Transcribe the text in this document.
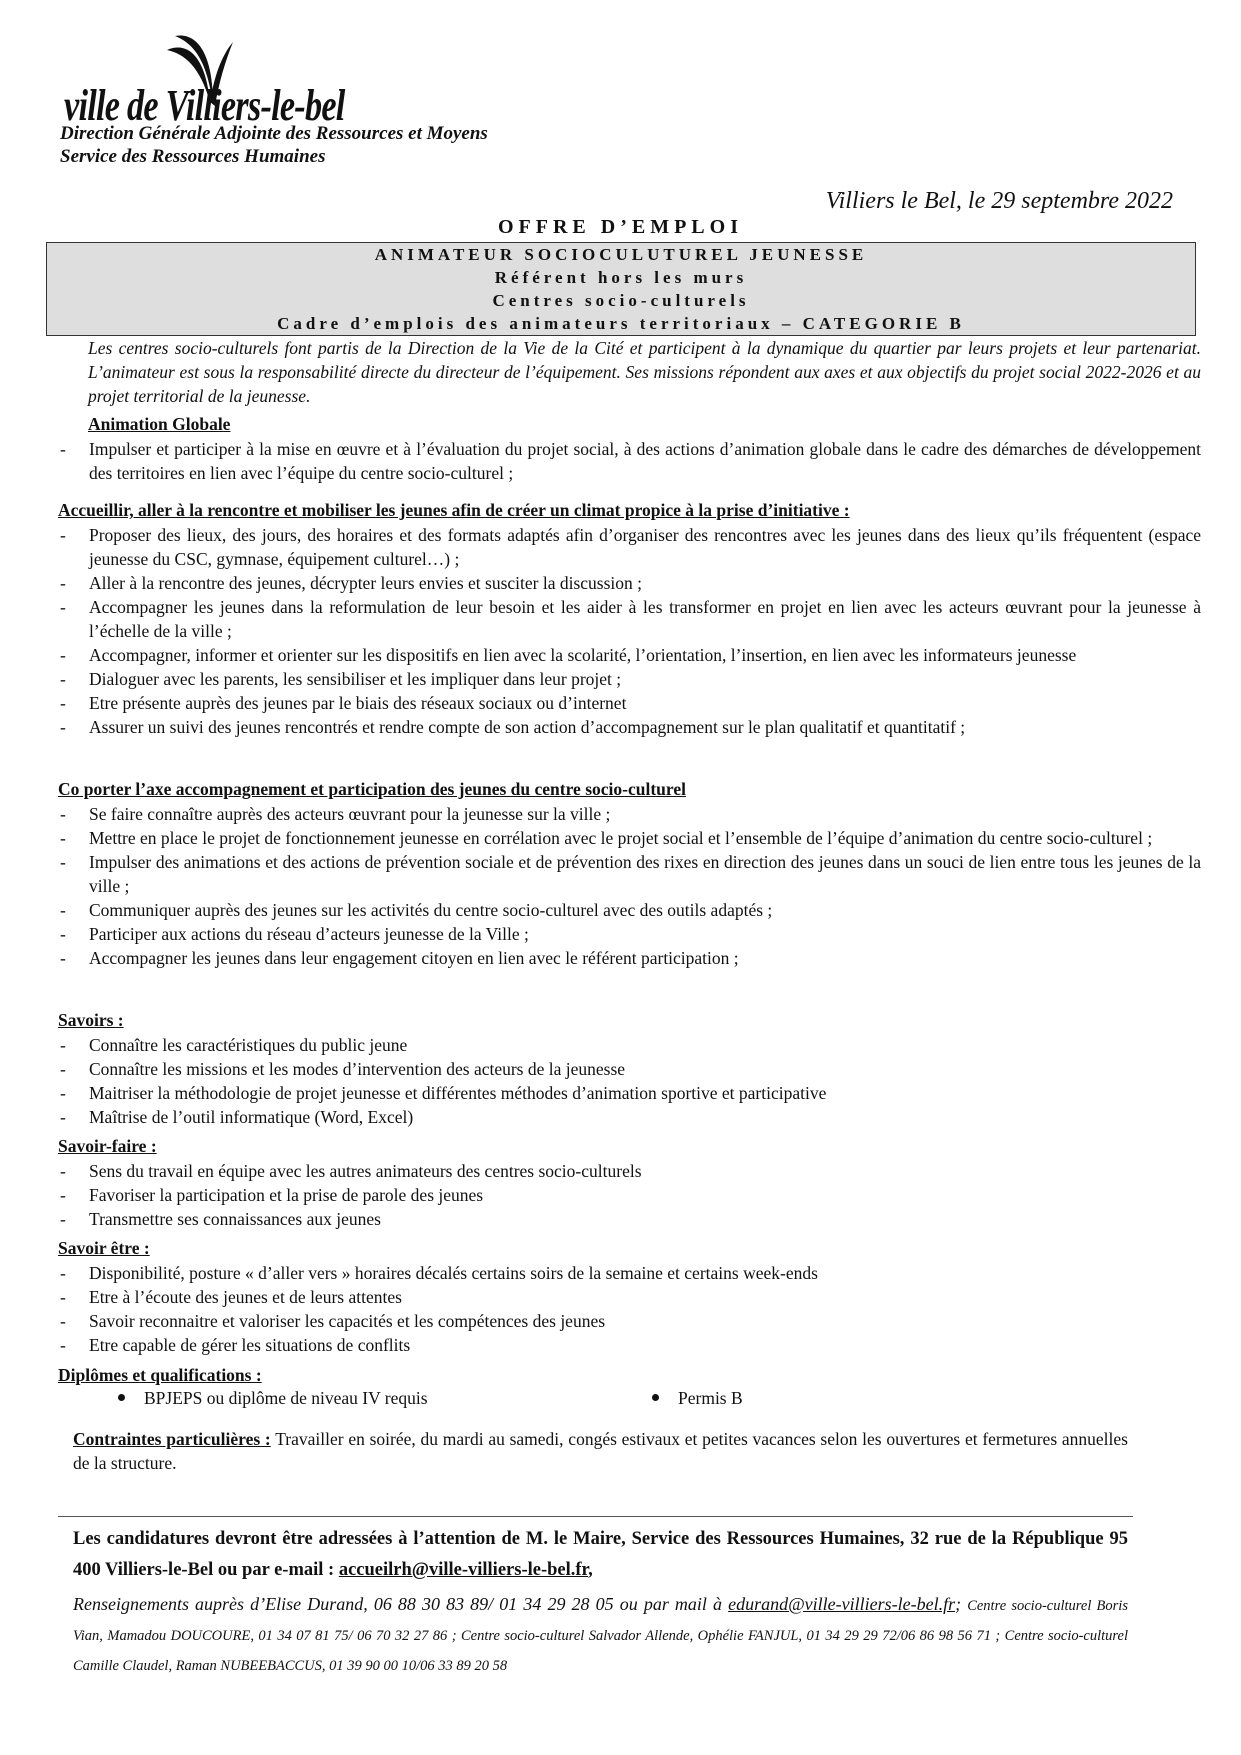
ville de Villiers-le-bel
Direction Générale Adjointe des Ressources et Moyens
Service des Ressources Humaines
Villiers le Bel, le 29 septembre 2022
OFFRE D’EMPLOI
ANIMATEUR SOCIOCULUTUREL JEUNESSE
Référent hors les murs
Centres socio-culturels
Cadre d’emplois des animateurs territoriaux – CATEGORIE B
Les centres socio-culturels font partis de la Direction de la Vie de la Cité et participent à la dynamique du quartier par leurs projets et leur partenariat. L’animateur est sous la responsabilité directe du directeur de l’équipement. Ses missions répondent aux axes et aux objectifs du projet social 2022-2026 et au projet territorial de la jeunesse.
Animation Globale
- Impulser et participer à la mise en œuvre et à l’évaluation du projet social, à des actions d’animation globale dans le cadre des démarches de développement des territoires en lien avec l’équipe du centre socio-culturel ;
Accueillir, aller à la rencontre et mobiliser les jeunes afin de créer un climat propice à la prise d’initiative :
- Proposer des lieux, des jours, des horaires et des formats adaptés afin d’organiser des rencontres avec les jeunes dans des lieux qu’ils fréquentent (espace jeunesse du CSC, gymnase, équipement culturel…) ;
- Aller à la rencontre des jeunes, décrypter leurs envies et susciter la discussion ;
- Accompagner les jeunes dans la reformulation de leur besoin et les aider à les transformer en projet en lien avec les acteurs œuvrant pour la jeunesse à l’échelle de la ville ;
- Accompagner, informer et orienter sur les dispositifs en lien avec la scolarité, l’orientation, l’insertion, en lien avec les informateurs jeunesse
- Dialoguer avec les parents, les sensibiliser et les impliquer dans leur projet ;
- Etre présente auprès des jeunes par le biais des réseaux sociaux ou d’internet
- Assurer un suivi des jeunes rencontrés et rendre compte de son action d’accompagnement sur le plan qualitatif et quantitatif ;
Co porter l’axe accompagnement et participation des jeunes du centre socio-culturel
- Se faire connaître auprès des acteurs œuvrant pour la jeunesse sur la ville ;
- Mettre en place le projet de fonctionnement jeunesse en corrélation avec le projet social et l’ensemble de l’équipe d’animation du centre socio-culturel ;
- Impulser des animations et des actions de prévention sociale et de prévention des rixes en direction des jeunes dans un souci de lien entre tous les jeunes de la ville ;
- Communiquer auprès des jeunes sur les activités du centre socio-culturel avec des outils adaptés ;
- Participer aux actions du réseau d’acteurs jeunesse de la Ville ;
- Accompagner les jeunes dans leur engagement citoyen en lien avec le référent participation ;
Savoirs :
- Connaître les caractéristiques du public jeune
- Connaître les missions et les modes d’intervention des acteurs de la jeunesse
- Maitriser la méthodologie de projet jeunesse et différentes méthodes d’animation sportive et participative
- Maîtrise de l’outil informatique (Word, Excel)
Savoir-faire :
- Sens du travail en équipe avec les autres animateurs des centres socio-culturels
- Favoriser la participation et la prise de parole des jeunes
- Transmettre ses connaissances aux jeunes
Savoir être :
- Disponibilité, posture « d’aller vers » horaires décalés certains soirs de la semaine et certains week-ends
- Etre à l’écoute des jeunes et de leurs attentes
- Savoir reconnaitre et valoriser les capacités et les compétences des jeunes
- Etre capable de gérer les situations de conflits
Diplômes et qualifications :
BPJEPS ou diplôme de niveau IV requis	Permis B
Contraintes particulières : Travailler en soirée, du mardi au samedi, congés estivaux et petites vacances selon les ouvertures et fermetures annuelles de la structure.
Les candidatures devront être adressées à l’attention de M. le Maire, Service des Ressources Humaines, 32 rue de la République 95 400 Villiers-le-Bel ou par e-mail : accueilrh@ville-villiers-le-bel.fr,
Renseignements auprès d’Elise Durand, 06 88 30 83 89/ 01 34 29 28 05 ou par mail à edurand@ville-villiers-le-bel.fr; Centre socio-culturel Boris Vian, Mamadou DOUCOURE, 01 34 07 81 75/ 06 70 32 27 86 ; Centre socio-culturel Salvador Allende, Ophélie FANJUL, 01 34 29 29 72/06 86 98 56 71 ; Centre socio-culturel Camille Claudel, Raman NUBEEBACCUS, 01 39 90 00 10/06 33 89 20 58
